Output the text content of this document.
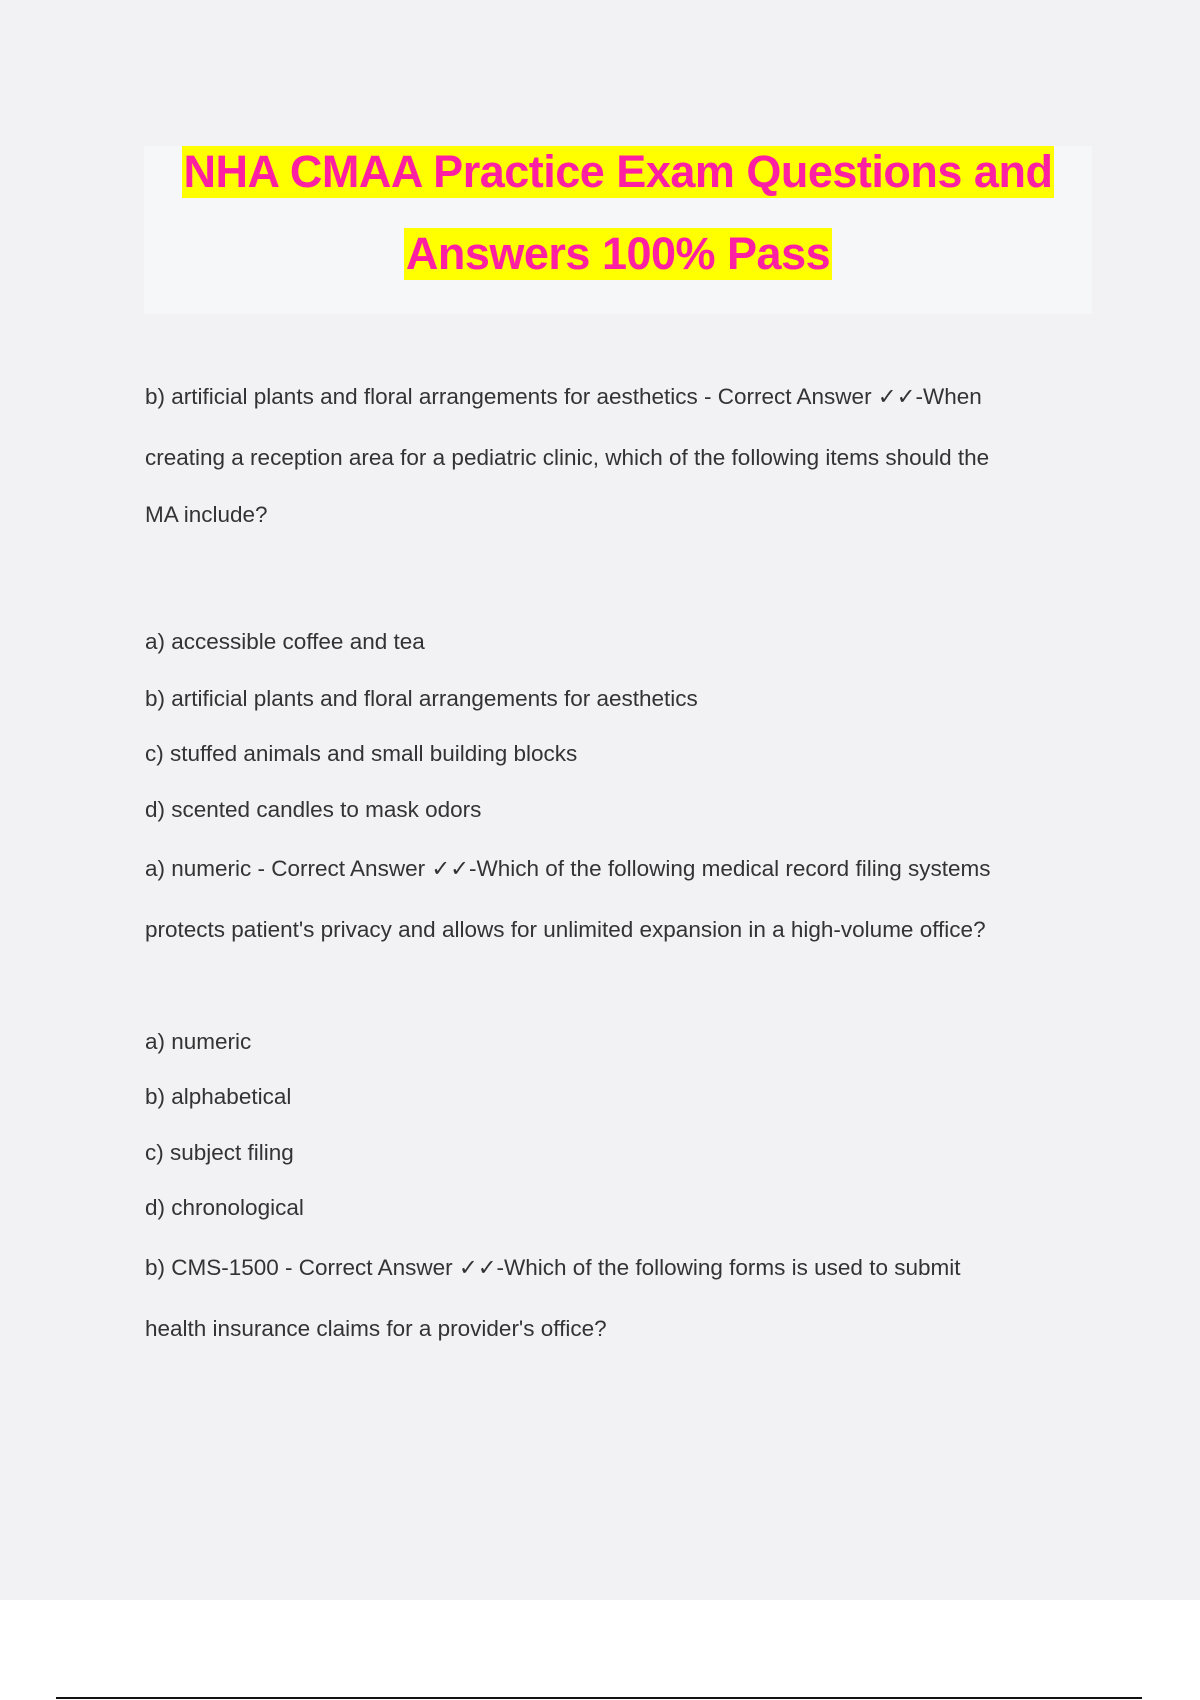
NHA CMAA Practice Exam Questions and
Answers 100% Pass
b) artificial plants and floral arrangements for aesthetics - Correct Answer ✓✓-When
creating a reception area for a pediatric clinic, which of the following items should the
MA include?
a) accessible coffee and tea
b) artificial plants and floral arrangements for aesthetics
c) stuffed animals and small building blocks
d) scented candles to mask odors
a) numeric - Correct Answer ✓✓-Which of the following medical record filing systems
protects patient's privacy and allows for unlimited expansion in a high-volume office?
a) numeric
b) alphabetical
c) subject filing
d) chronological
b) CMS-1500 - Correct Answer ✓✓-Which of the following forms is used to submit
health insurance claims for a provider's office?
